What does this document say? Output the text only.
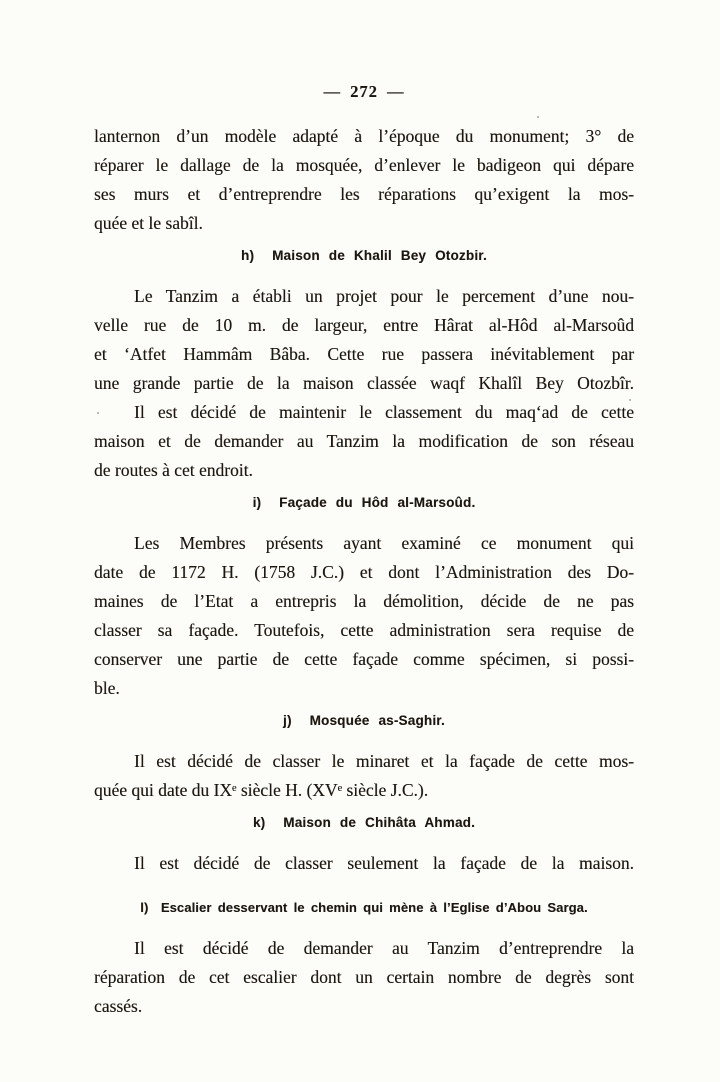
— 272 —
lanternon d’un modèle adapté à l’époque du monument; 3° de
réparer le dallage de la mosquée, d’enlever le badigeon qui dépare
ses murs et d’entreprendre les réparations qu’exigent la mos-
quée et le sabîl.
h)  Maison de Khalil Bey Otozbir.
Le Tanzim a établi un projet pour le percement d’une nou-
velle rue de 10 m. de largeur, entre Hârat al-Hôd al-Marsoûd
et ‘Atfet Hammâm Bâba. Cette rue passera inévitablement par
une grande partie de la maison classée waqf Khalîl Bey Otozbîr.
Il est décidé de maintenir le classement du maq‘ad de cette
maison et de demander au Tanzim la modification de son réseau
de routes à cet endroit.
i)  Façade du Hôd al-Marsoûd.
Les Membres présents ayant examiné ce monument qui
date de 1172 H. (1758 J.C.) et dont l’Administration des Do-
maines de l’Etat a entrepris la démolition, décide de ne pas
classer sa façade. Toutefois, cette administration sera requise de
conserver une partie de cette façade comme spécimen, si possi-
ble.
j)  Mosquée as-Saghir.
Il est décidé de classer le minaret et la façade de cette mos-
quée qui date du IXᵉ siècle H. (XVᵉ siècle J.C.).
k)  Maison de Chihâta Ahmad.
Il est décidé de classer seulement la façade de la maison.
l)  Escalier desservant le chemin qui mène à l’Eglise d’Abou Sarga.
Il est décidé de demander au Tanzim d’entreprendre la
réparation de cet escalier dont un certain nombre de degrès sont
cassés.
